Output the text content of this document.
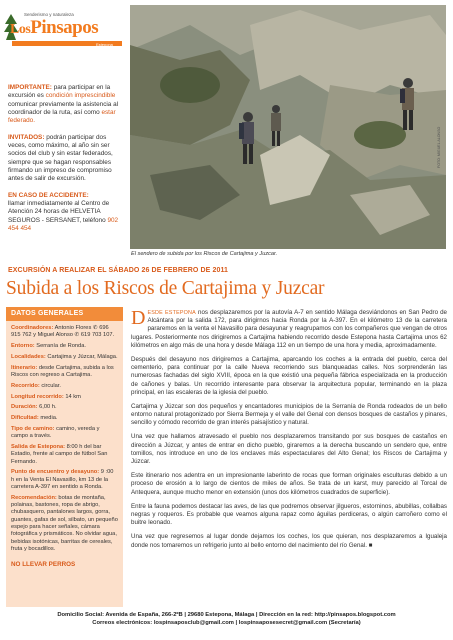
Senderismo y naturaleza
LosPinsapos
Estepona

IMPORTANTE: para participar en la excursión es condición imprescindible comunicar previamente la asistencia al coordinador de la ruta, así como estar federado.

INVITADOS: podrán participar dos veces, como máximo, al año sin ser socios del club y sin estar federados, siempre que se hagan responsables firmando un impreso de compromiso antes de salir de excursión.

EN CASO DE ACCIDENTE:
llamar inmediatamente al Centro de Atención 24 horas de HELVETIA SEGUROS - SERSANET, teléfono 902 454 454

FOTO: MIGUEL ALONSO
El sendero de subida por los Riscos de Cartajima y Juzcar.
EXCURSIÓN A REALIZAR EL SÁBADO 26 DE FEBRERO DE 2011
Subida a los Riscos de Cartajima y Juzcar
DATOS GENERALES
Coordinadores: Antonio Flores ✆ 696 915 762 y Miguel Alonso ✆ 619 703 107.
Entorno: Serranía de Ronda.
Localidades: Cartajima y Júzcar, Málaga.
Itinerario: desde Cartajima, subida a los Riscos con regreso a Cartajima.
Recorrido: circular.
Longitud recorrido: 14 km
Duración: 6,00 h.
Dificultad: media.
Tipo de camino: camino, vereda y campo a través.
Salida de Estepona: 8:00 h del bar Estadio, frente al campo de fútbol San Fernando.
Punto de encuentro y desayuno: 9 :00 h en la Venta El Navasillo, km 13 de la carretera A-397 en sentido a Ronda.
Recomendación: botas de montaña, polainas, bastones, ropa de abrigo, chubasquero, pantalones largos, gorra, guantes, gafas de sol, silbato, un pequeño espejo para hacer señales, cámara fotográfica y prismáticos. No olvidar agua, bebidas isotónicas, barritas de cereales, fruta y bocadillos.
NO LLEVAR PERROS

DESDE ESTEPONA nos desplazaremos por la autovía A-7 en sentido Málaga desviándonos en San Pedro de Alcántara por la salida 172, para dirigirnos hacia Ronda por la A-397. En el kilómetro 13 de la carretera pararemos en la venta el Navasillo para desayunar y reagrupamos con los compañeros que vengan de otros lugares. Posteriormente nos dirigiremos a Cartajima habiendo recorrido desde Estepona hasta Cartajima unos 62 kilómetros en algo más de una hora y desde Málaga 112 en un tiempo de una hora y media, aproximadamente.

Después del desayuno nos dirigiremos a Cartajima, aparcando los coches a la entrada del pueblo, cerca del cementerio, para continuar por la calle Nueva recorriendo sus blanqueadas calles. Nos sorprenderán las numerosas fachadas del siglo XVIII, época en la que existió una pequeña fábrica especializada en la producción de cañones y balas. Un recorrido interesante para observar la arquitectura popular, terminando en la plaza principal, en las escaleras de la iglesia del pueblo.

Cartajima y Júzcar son dos pequeños y encantadores municipios de la Serranía de Ronda rodeados de un bello entorno natural protagonizado por Sierra Bermeja y el valle del Genal con densos bosques de castaños y pinares, sencillo y cómodo recorrido de gran interés paisajístico y natural.

Una vez que hallamos atravesado el pueblo nos desplazaremos transitando por sus bosques de castaños en dirección a Júzcar, y antes de entrar en dicho pueblo, giraremos a la derecha buscando un sendero que, entre tomillos, nos introduce en uno de los enclaves más espectaculares del Alto Genal; los Riscos de Cartajima y Júzcar.

Este itinerario nos adentra en un impresionante laberinto de rocas que forman originales esculturas debido a un proceso de erosión a lo largo de cientos de miles de años. Se trata de un karst, muy parecido al Torcal de Antequera, aunque mucho menor en extensión (unos dos kilómetros cuadrados de superficie).

Entre la fauna podemos destacar las aves, de las que podremos observar jilgueros, estorninos, abubillas, collalbas negras y roqueros. Es probable que veamos alguna rapaz como águilas perdiceras, o algún carroñero como el buitre leonado.

Una vez que regresemos al lugar donde dejamos los coches, los que quieran, nos desplazaremos a Igualeja donde nos tomaremos un refrigerio junto al bello entorno del nacimiento del río Genal. ■

Domicilio Social: Avenida de España, 266-2ºB | 29680 Estepona, Málaga | Dirección en la red: http://pinsapos.blogspot.com
Correos electrónicos: lospinsaposclub@gmail.com | lospinsaposesecret@gmail.com (Secretaría)
